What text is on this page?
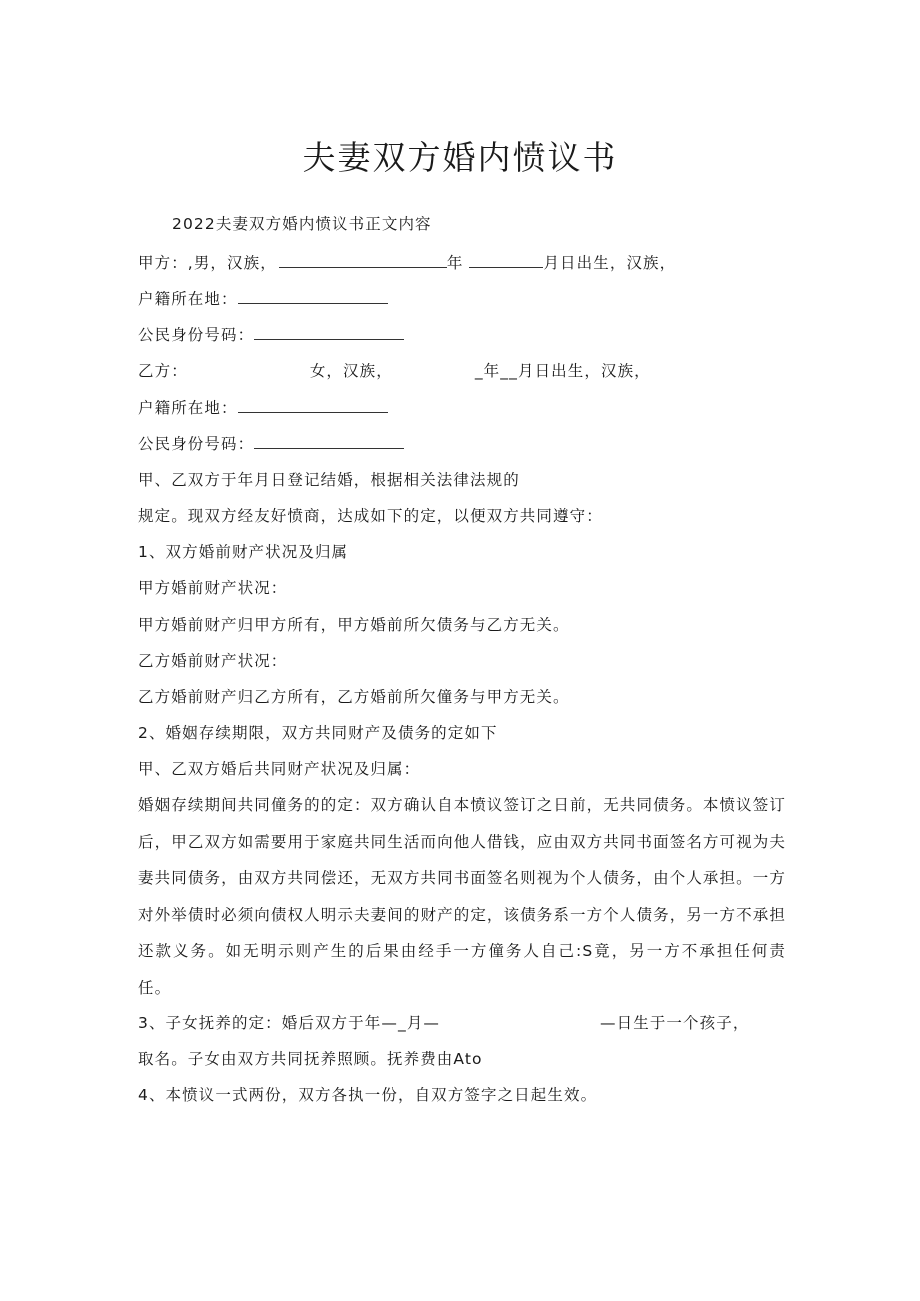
夫妻双方婚内愤议书
2022夫妻双方婚内愤议书正文内容
甲方：,男，汉族，	年	月日出生，汉族，
户籍所在地：
公民身份号码：
乙方：	女，汉族，	_年__月日出生，汉族，
户籍所在地：
公民身份号码：
甲、乙双方于年月日登记结婚，根据相关法律法规的
规定。现双方经友好愤商，达成如下的定，以便双方共同遵守：
1、双方婚前财产状况及归属
甲方婚前财产状况：
甲方婚前财产归甲方所有，甲方婚前所欠债务与乙方无关。
乙方婚前财产状况：
乙方婚前财产归乙方所有，乙方婚前所欠僮务与甲方无关。
2、婚姻存续期限，双方共同财产及债务的定如下
甲、乙双方婚后共同财产状况及归属：
婚姻存续期间共同僮务的的定：双方确认自本愤议签订之日前，无共同债务。本愤议签订后，甲乙双方如需要用于家庭共同生活而向他人借钱，应由双方共同书面签名方可视为夫妻共同债务，由双方共同偿还，无双方共同书面签名则视为个人债务，由个人承担。一方对外举债时必须向债权人明示夫妻间的财产的定，该债务系一方个人债务，另一方不承担还款义务。如无明示则产生的后果由经手一方僮务人自己:S竟，另一方不承担任何责任。
3、子女抚养的定：婚后双方于年—_月—	—日生于一个孩子，
取名。子女由双方共同抚养照顾。抚养费由Ato
4、本愤议一式两份，双方各执一份，自双方签字之日起生效。
